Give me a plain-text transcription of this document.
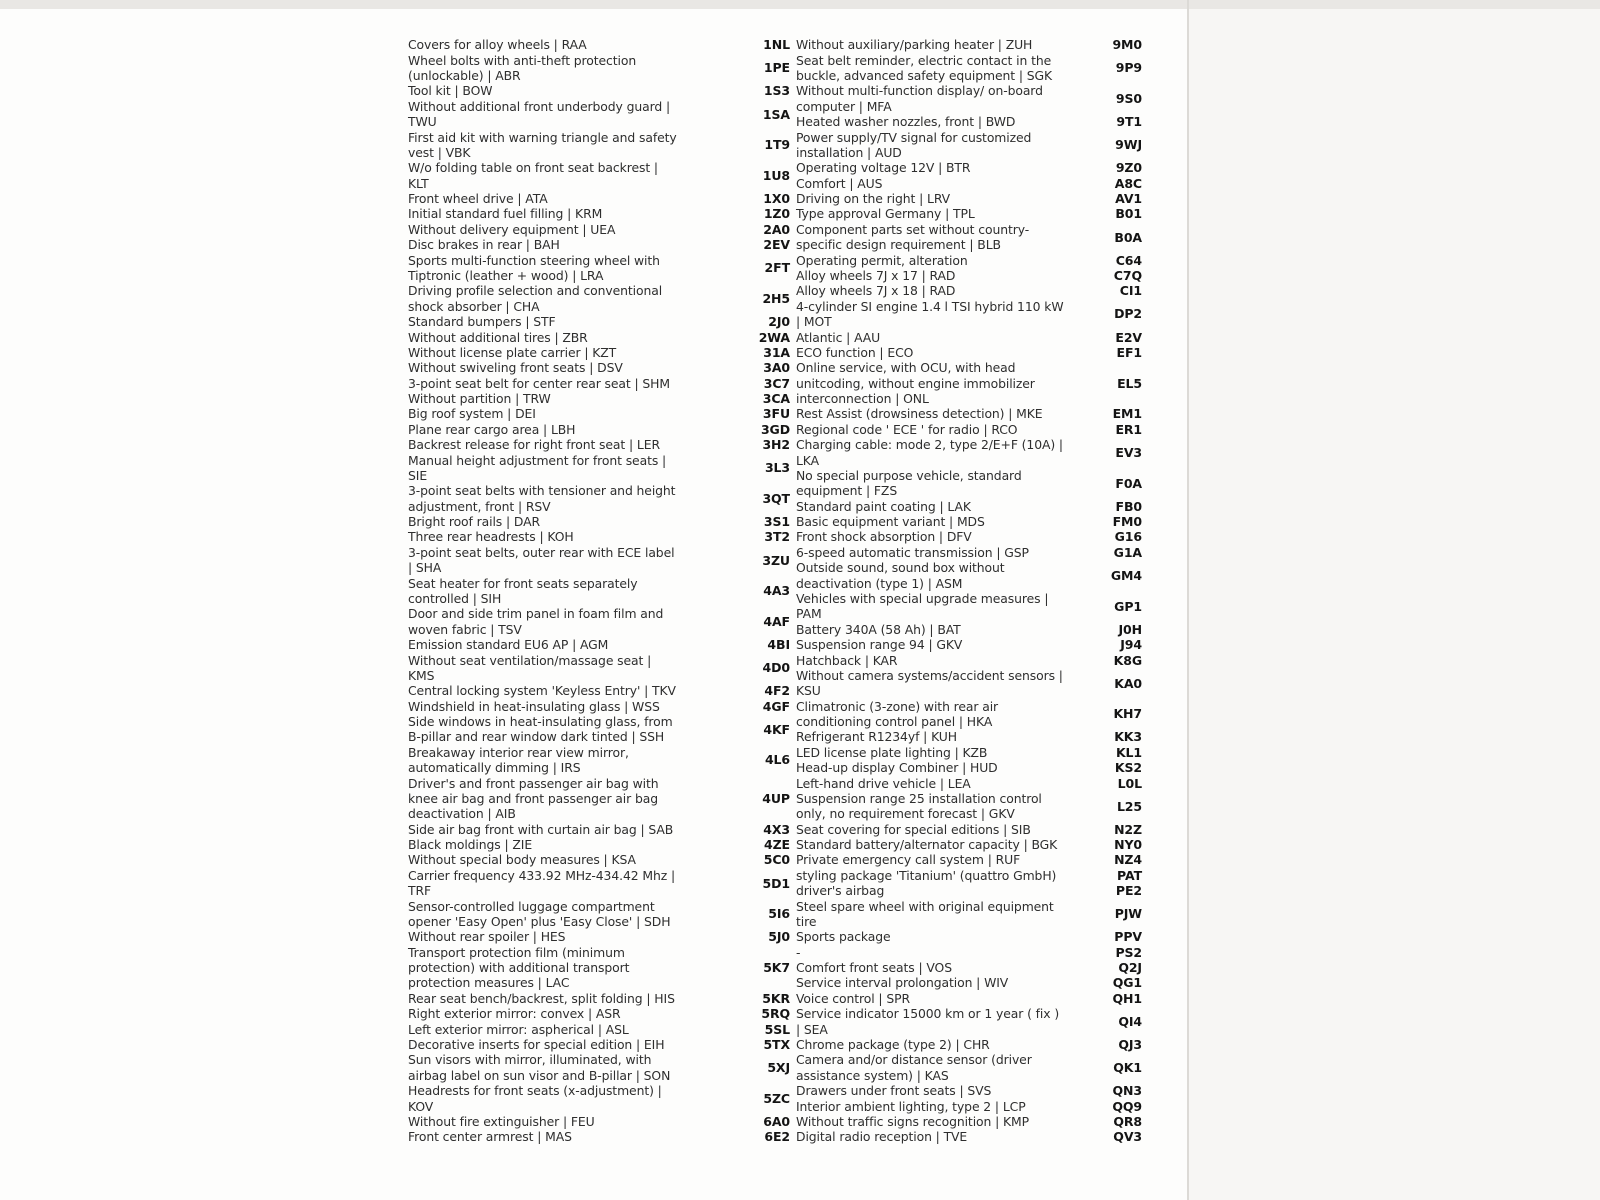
Covers for alloy wheels | RAA
Wheel bolts with anti-theft protection
(unlockable) | ABR
Tool kit | BOW
Without additional front underbody guard |
TWU
First aid kit with warning triangle and safety
vest | VBK
W/o folding table on front seat backrest |
KLT
Front wheel drive | ATA
Initial standard fuel filling | KRM
Without delivery equipment | UEA
Disc brakes in rear | BAH
Sports multi-function steering wheel with
Tiptronic (leather + wood) | LRA
Driving profile selection and conventional
shock absorber | CHA
Standard bumpers | STF
Without additional tires | ZBR
Without license plate carrier | KZT
Without swiveling front seats | DSV
3-point seat belt for center rear seat | SHM
Without partition | TRW
Big roof system | DEI
Plane rear cargo area | LBH
Backrest release for right front seat | LER
Manual height adjustment for front seats |
SIE
3-point seat belts with tensioner and height
adjustment, front | RSV
Bright roof rails | DAR
Three rear headrests | KOH
3-point seat belts, outer rear with ECE label
| SHA
Seat heater for front seats separately
controlled | SIH
Door and side trim panel in foam film and
woven fabric | TSV
Emission standard EU6 AP | AGM
Without seat ventilation/massage seat |
KMS
Central locking system 'Keyless Entry' | TKV
Windshield in heat-insulating glass | WSS
Side windows in heat-insulating glass, from
B-pillar and rear window dark tinted | SSH
Breakaway interior rear view mirror,
automatically dimming | IRS
Driver's and front passenger air bag with
knee air bag and front passenger air bag
deactivation | AIB
Side air bag front with curtain air bag | SAB
Black moldings | ZIE
Without special body measures | KSA
Carrier frequency 433.92 MHz-434.42 Mhz |
TRF
Sensor-controlled luggage compartment
opener 'Easy Open' plus 'Easy Close' | SDH
Without rear spoiler | HES
Transport protection film (minimum
protection) with additional transport
protection measures | LAC
Rear seat bench/backrest, split folding | HIS
Right exterior mirror: convex | ASR
Left exterior mirror: aspherical | ASL
Decorative inserts for special edition | EIH
Sun visors with mirror, illuminated, with
airbag label on sun visor and B-pillar | SON
Headrests for front seats (x-adjustment) |
KOV
Without fire extinguisher | FEU
Front center armrest | MAS
1NL
1PE
1S3
1SA
1T9
1U8
1X0
1Z0
2A0
2EV
2FT
2H5
2J0
2WA
31A
3A0
3C7
3CA
3FU
3GD
3H2
3L3
3QT
3S1
3T2
3ZU
4A3
4AF
4BI
4D0
4F2
4GF
4KF
4L6
4UP
4X3
4ZE
5C0
5D1
5I6
5J0
5K7
5KR
5RQ
5SL
5TX
5XJ
5ZC
6A0
6E2
Without auxiliary/parking heater | ZUH
Seat belt reminder, electric contact in the
buckle, advanced safety equipment | SGK
Without multi-function display/ on-board
computer | MFA
Heated washer nozzles, front | BWD
Power supply/TV signal for customized
installation | AUD
Operating voltage 12V | BTR
Comfort | AUS
Driving on the right | LRV
Type approval Germany | TPL
Component parts set without country-
specific design requirement | BLB
Operating permit, alteration
Alloy wheels 7J x 17 | RAD
Alloy wheels 7J x 18 | RAD
4-cylinder SI engine 1.4 l TSI hybrid 110 kW
| MOT
Atlantic | AAU
ECO function | ECO
Online service, with OCU, with head
unitcoding, without engine immobilizer
interconnection | ONL
Rest Assist (drowsiness detection) | MKE
Regional code ' ECE ' for radio | RCO
Charging cable: mode 2, type 2/E+F (10A) |
LKA
No special purpose vehicle, standard
equipment | FZS
Standard paint coating | LAK
Basic equipment variant | MDS
Front shock absorption | DFV
6-speed automatic transmission | GSP
Outside sound, sound box without
deactivation (type 1) | ASM
Vehicles with special upgrade measures |
PAM
Battery 340A (58 Ah) | BAT
Suspension range 94 | GKV
Hatchback | KAR
Without camera systems/accident sensors |
KSU
Climatronic (3-zone) with rear air
conditioning control panel | HKA
Refrigerant R1234yf | KUH
LED license plate lighting | KZB
Head-up display Combiner | HUD
Left-hand drive vehicle | LEA
Suspension range 25 installation control
only, no requirement forecast | GKV
Seat covering for special editions | SIB
Standard battery/alternator capacity | BGK
Private emergency call system | RUF
styling package 'Titanium' (quattro GmbH)
driver's airbag
Steel spare wheel with original equipment
tire
Sports package
-
Comfort front seats | VOS
Service interval prolongation | WIV
Voice control | SPR
Service indicator 15000 km or 1 year ( fix )
| SEA
Chrome package (type 2) | CHR
Camera and/or distance sensor (driver
assistance system) | KAS
Drawers under front seats | SVS
Interior ambient lighting, type 2 | LCP
Without traffic signs recognition | KMP
Digital radio reception | TVE
9M0
9P9
9S0
9T1
9WJ
9Z0
A8C
AV1
B01
B0A
C64
C7Q
CI1
DP2
E2V
EF1
EL5
EM1
ER1
EV3
F0A
FB0
FM0
G16
G1A
GM4
GP1
J0H
J94
K8G
KA0
KH7
KK3
KL1
KS2
L0L
L25
N2Z
NY0
NZ4
PAT
PE2
PJW
PPV
PS2
Q2J
QG1
QH1
QI4
QJ3
QK1
QN3
QQ9
QR8
QV3
